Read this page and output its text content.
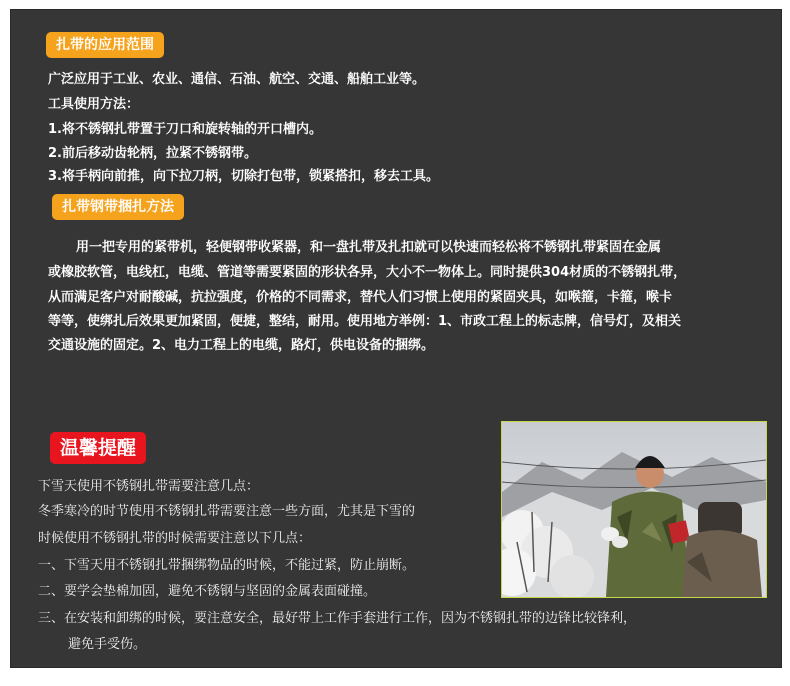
扎带的应用范围
广泛应用于工业、农业、通信、石油、航空、交通、船舶工业等。
工具使用方法：
1.将不锈钢扎带置于刀口和旋转轴的开口槽内。
2.前后移动齿轮柄，拉紧不锈钢带。
3.将手柄向前推，向下拉刀柄，切除打包带，锁紧搭扣，移去工具。
扎带钢带捆扎方法
用一把专用的紧带机，轻便钢带收紧器，和一盘扎带及扎扣就可以快速而轻松将不锈钢扎带紧固在金属
或橡胶软管，电线杠，电缆、管道等需要紧固的形状各异，大小不一物体上。同时提供304材质的不锈钢扎带，
从而满足客户对耐酸碱，抗拉强度，价格的不同需求，替代人们习惯上使用的紧固夹具，如喉箍，卡箍，喉卡
等等，使绑扎后效果更加紧固，便捷，整结，耐用。使用地方举例：1、市政工程上的标志牌，信号灯，及相关
交通设施的固定。2、电力工程上的电缆，路灯，供电设备的捆绑。
温馨提醒
下雪天使用不锈钢扎带需要注意几点：
冬季寒冷的时节使用不锈钢扎带需要注意一些方面，尤其是下雪的
时候使用不锈钢扎带的时候需要注意以下几点：
一、下雪天用不锈钢扎带捆绑物品的时候，不能过紧，防止崩断。
二、要学会垫棉加固，避免不锈钢与坚固的金属表面碰撞。
三、在安装和卸绑的时候，要注意安全，最好带上工作手套进行工作，因为不锈钢扎带的边锋比较锋利，
避免手受伤。
